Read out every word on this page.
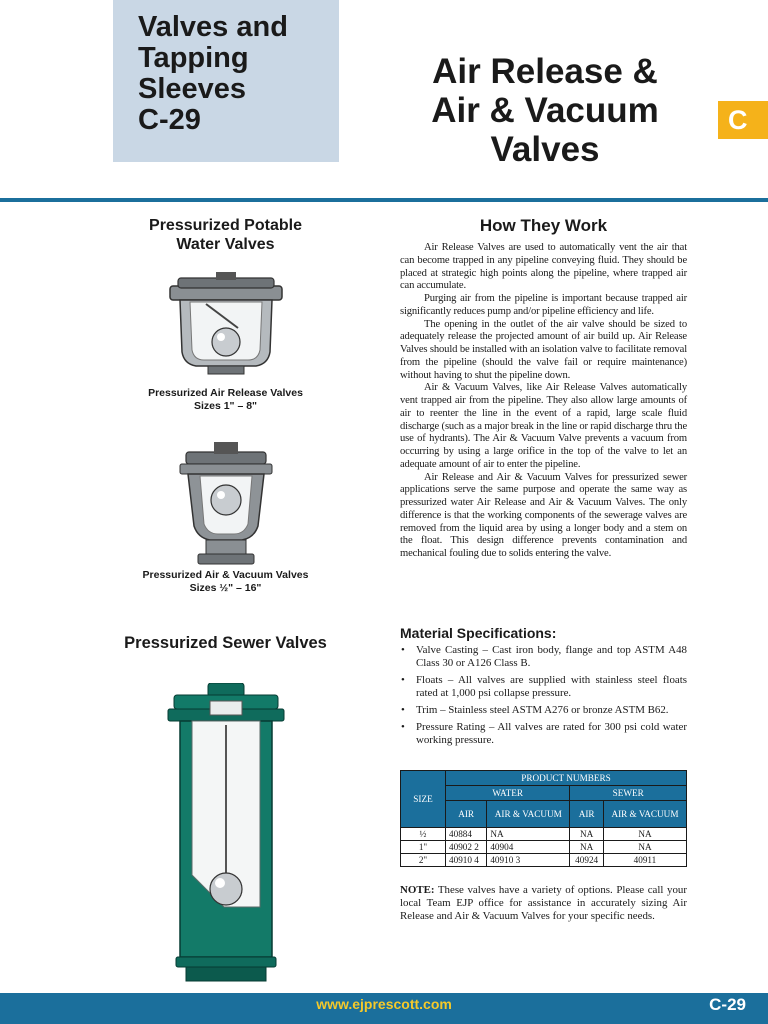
Valves and
Tapping
Sleeves
C-29
Air Release &
Air & Vacuum
Valves
C
Pressurized Potable
Water Valves
Pressurized Air Release Valves
Sizes 1" – 8"
Pressurized Air & Vacuum Valves
Sizes ½" – 16"
Pressurized Sewer Valves
How They Work

Air Release Valves are used to automatically vent the air that can become trapped in any pipeline conveying fluid. They should be placed at strategic high points along the pipeline, where trapped air can accumulate.

Purging air from the pipeline is important because trapped air significantly reduces pump and/or pipeline efficiency and life.

The opening in the outlet of the air valve should be sized to adequately release the projected amount of air build up. Air Release Valves should be installed with an isolation valve to facilitate removal from the pipeline (should the valve fail or require maintenance) without having to shut the pipeline down.

Air & Vacuum Valves, like Air Release Valves automatically vent trapped air from the pipeline. They also allow large amounts of air to reenter the line in the event of a rapid, large scale fluid discharge (such as a major break in the line or rapid discharge thru the use of hydrants). The Air & Vacuum Valve prevents a vacuum from occurring by using a large orifice in the top of the valve to let an adequate amount of air to enter the pipeline.

Air Release and Air & Vacuum Valves for pressurized sewer applications serve the same purpose and operate the same way as pressurized water Air Release and Air & Vacuum Valves. The only difference is that the working components of the sewerage valves are removed from the liquid area by using a longer body and a stem on the float. This design difference prevents contamination and mechanical fouling due to solids entering the valve.

Material Specifications:
• Valve Casting – Cast iron body, flange and top ASTM A48 Class 30 or A126 Class B.
• Floats – All valves are supplied with stainless steel floats rated at 1,000 psi collapse pressure.
• Trim – Stainless steel ASTM A276 or bronze ASTM B62.
• Pressure Rating – All valves are rated for 300 psi cold water working pressure.
SIZE	PRODUCT NUMBERS			
	WATER		SEWER	
	AIR	AIR & VACUUM	AIR	AIR & VACUUM
½	40884	NA	NA	NA
1"	40902 2	40904	NA	NA
2"	40910 4	40910 3	40924	40911
NOTE: These valves have a variety of options. Please call your local Team EJP office for assistance in accurately sizing Air Release and Air & Vacuum Valves for your specific needs.
www.ejprescott.com	C-29
